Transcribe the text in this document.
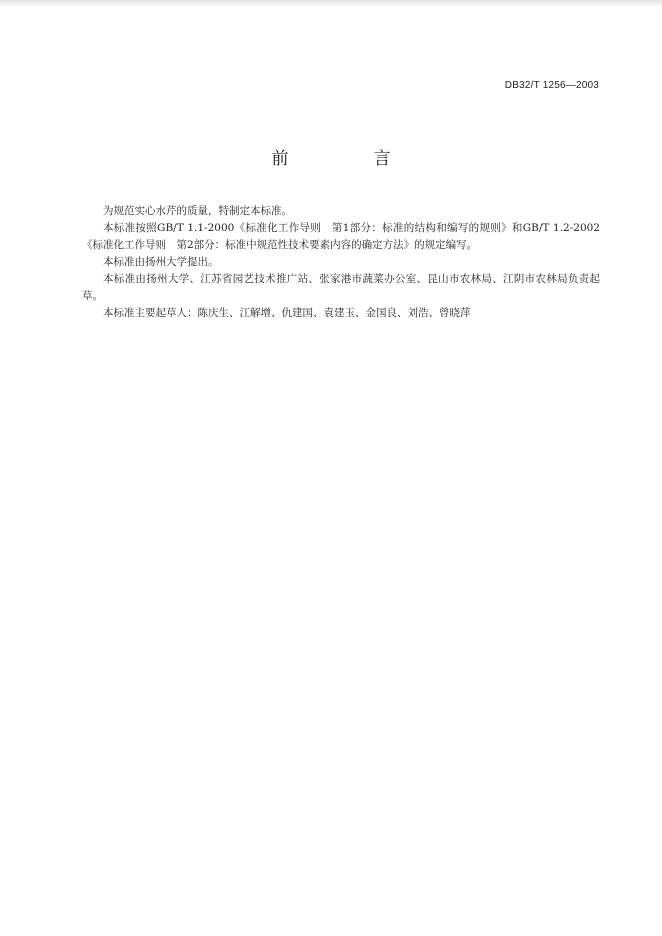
DB32/T 1256—2003
前　言

为规范实心水芹的质量，特制定本标准。

本标准按照GB/T 1.1-2000《标准化工作导则　第1部分：标准的结构和编写的规则》和GB/T 1.2-2002《标准化工作导则　第2部分：标准中规范性技术要素内容的确定方法》的规定编写。

本标准由扬州大学提出。

本标准由扬州大学、江苏省园艺技术推广站、张家港市蔬菜办公室、昆山市农林局、江阴市农林局负责起草。

本标准主要起草人：陈庆生、江解增、仇建国、袁建玉、金国良、刘浩、曾晓萍
